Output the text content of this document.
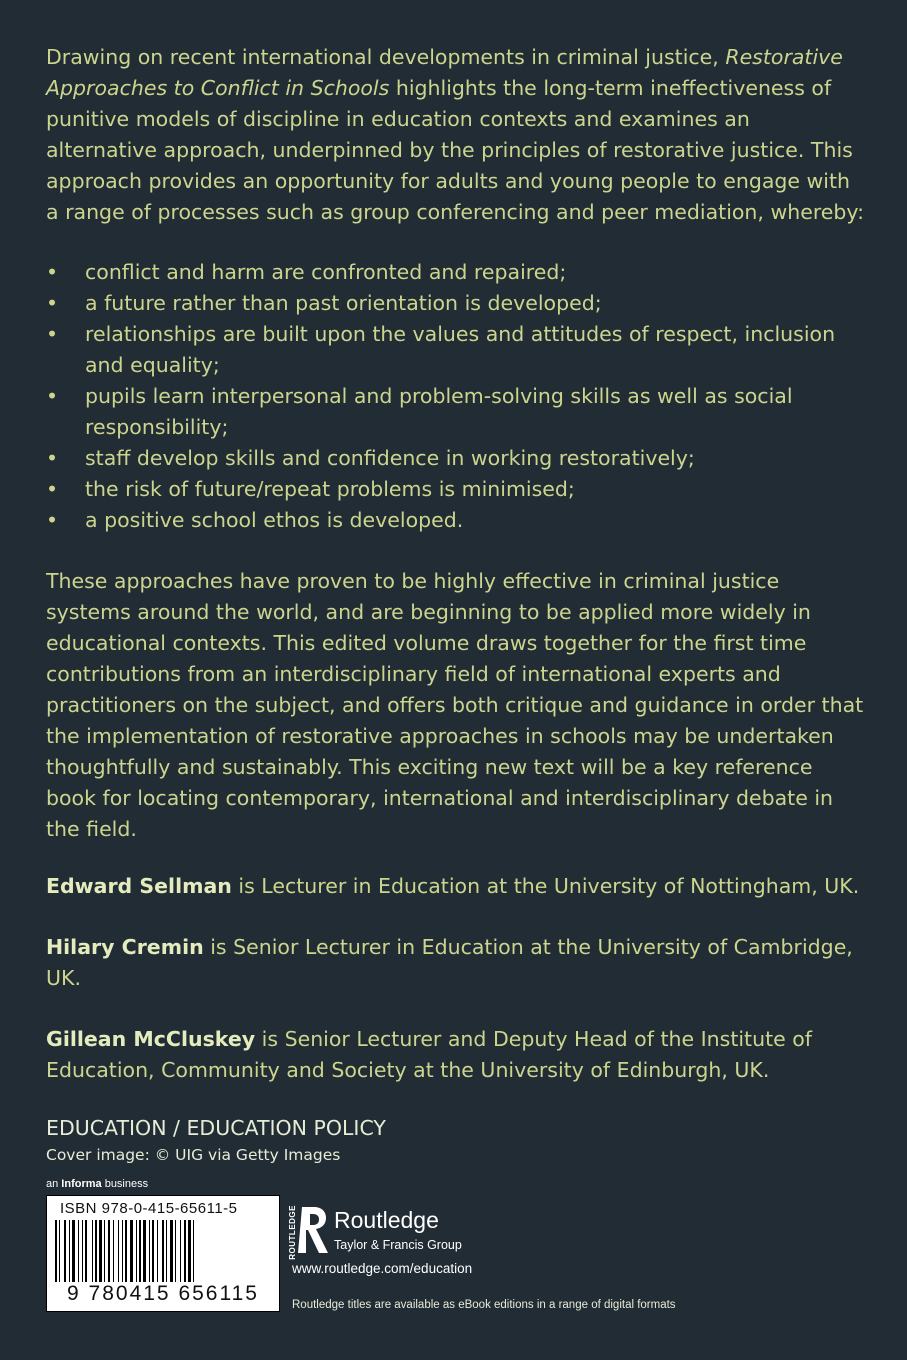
Drawing on recent international developments in criminal justice, Restorative Approaches to Conflict in Schools highlights the long-term ineffectiveness of punitive models of discipline in education contexts and examines an alternative approach, underpinned by the principles of restorative justice. This approach provides an opportunity for adults and young people to engage with a range of processes such as group conferencing and peer mediation, whereby:

• conflict and harm are confronted and repaired;
• a future rather than past orientation is developed;
• relationships are built upon the values and attitudes of respect, inclusion and equality;
• pupils learn interpersonal and problem-solving skills as well as social responsibility;
• staff develop skills and confidence in working restoratively;
• the risk of future/repeat problems is minimised;
• a positive school ethos is developed.

These approaches have proven to be highly effective in criminal justice systems around the world, and are beginning to be applied more widely in educational contexts. This edited volume draws together for the first time contributions from an interdisciplinary field of international experts and practitioners on the subject, and offers both critique and guidance in order that the implementation of restorative approaches in schools may be undertaken thoughtfully and sustainably. This exciting new text will be a key reference book for locating contemporary, international and interdisciplinary debate in the field.

Edward Sellman is Lecturer in Education at the University of Nottingham, UK.

Hilary Cremin is Senior Lecturer in Education at the University of Cambridge, UK.

Gillean McCluskey is Senior Lecturer and Deputy Head of the Institute of Education, Community and Society at the University of Edinburgh, UK.

EDUCATION / EDUCATION POLICY

Cover image: © UIG via Getty Images

an Informa business
ISBN 978-0-415-65611-5
9 780415 656115
ROUTLEDGE Routledge
Taylor & Francis Group
www.routledge.com/education
Routledge titles are available as eBook editions in a range of digital formats
